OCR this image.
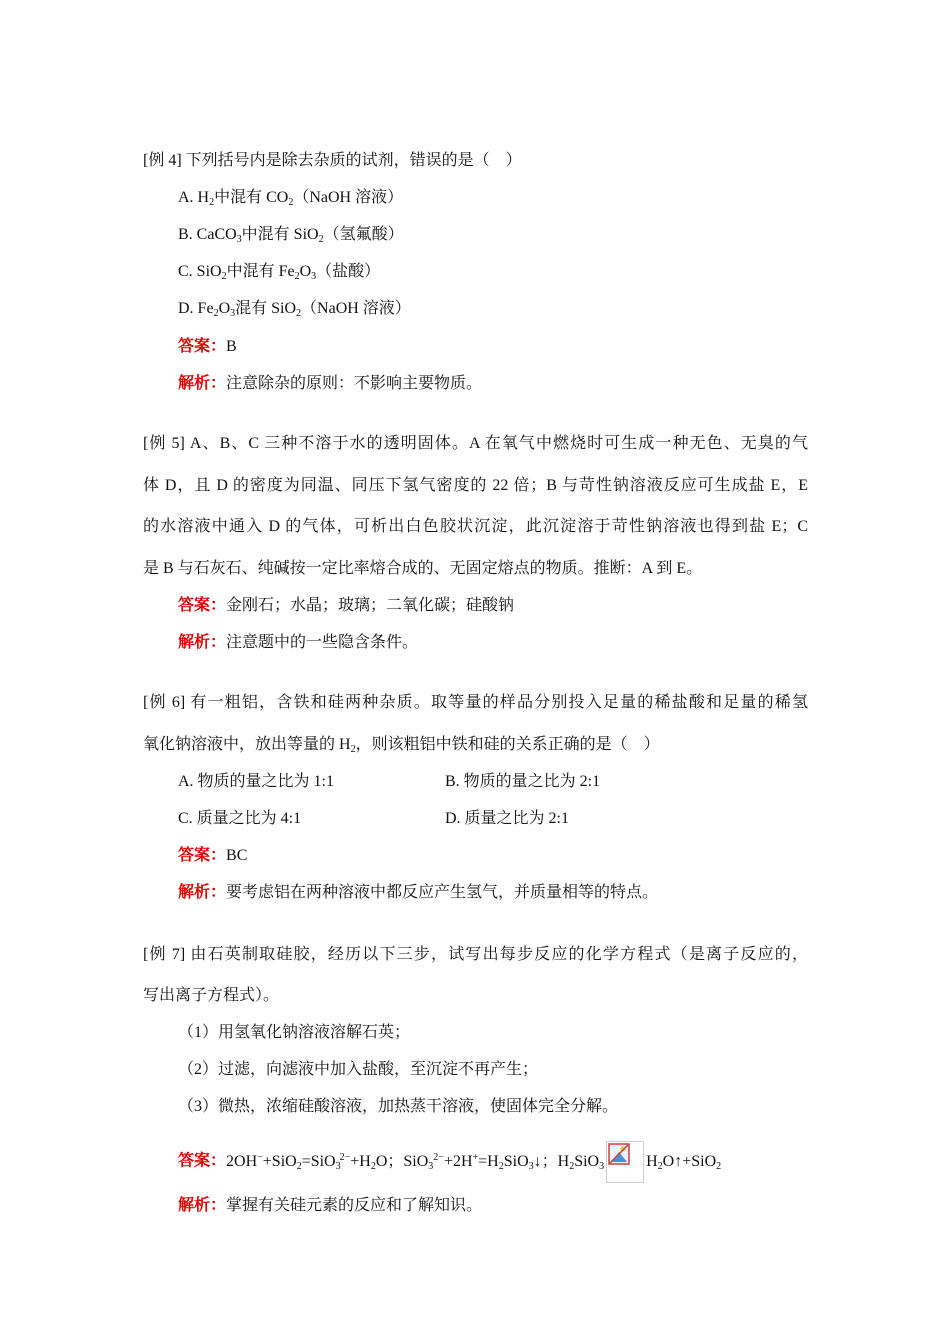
[例 4] 下列括号内是除去杂质的试剂，错误的是（　）
A. $H_2$中混有 $CO_2(NaOH$ 溶液）
B. CaCO$_3$中混有 SiO$_2$（氢氟酸）
C. SiO$_2$中混有 $Fe_2O_3$（盐酸）
D. $Fe_2O_3$混有 SiO$_2$（NaOH 溶液）
答案：B
解析：注意除杂的原则：不影响主要物质。
[例 5] A、B、C 三种不溶于水的透明固体。A 在氧气中燃烧时可生成一种无色、无臭的气
体 D，且 D 的密度为同温、同压下氢气密度的 22 倍；B 与苛性钠溶液反应可生成盐 E，E
的水溶液中通入 D 的气体，可析出白色胶状沉淀，此沉淀溶于苛性钠溶液也得到盐 E；C
是 B 与石灰石、纯碱按一定比率熔合成的、无固定熔点的物质。推断：A 到 E。
答案：金刚石；水晶；玻璃；二氧化碳；硅酸钠
解析：注意题中的一些隐含条件。
[例 6] 有一粗铝，含铁和硅两种杂质。取等量的样品分别投入足量的稀盐酸和足量的稀氢
氧化钠溶液中，放出等量的 $H_2$，则该粗铝中铁和硅的关系正确的是（　）
A. 物质的量之比为 1:1	B. 物质的量之比为 2:1
C. 质量之比为 4:1	D. 质量之比为 2:1
答案：BC
解析：要考虑铝在两种溶液中都反应产生氢气，并质量相等的特点。
[例 7] 由石英制取硅胶，经历以下三步，试写出每步反应的化学方程式（是离子反应的，
写出离子方程式）。
（1）用氢氧化钠溶液溶解石英；
（2）过滤，向滤液中加入盐酸，至沉淀不再产生；
（3）微热，浓缩硅酸溶液，加热蒸干溶液，使固体完全分解。
答案：$2OH^-+SiO_2=SiO_3^{2-}+H_2O$；$SiO_3^{2-}+2H^+=H_2SiO_3↓$；$H_2SiO_3$	$H_2O↑+SiO_2$
解析：掌握有关硅元素的反应和了解知识。
